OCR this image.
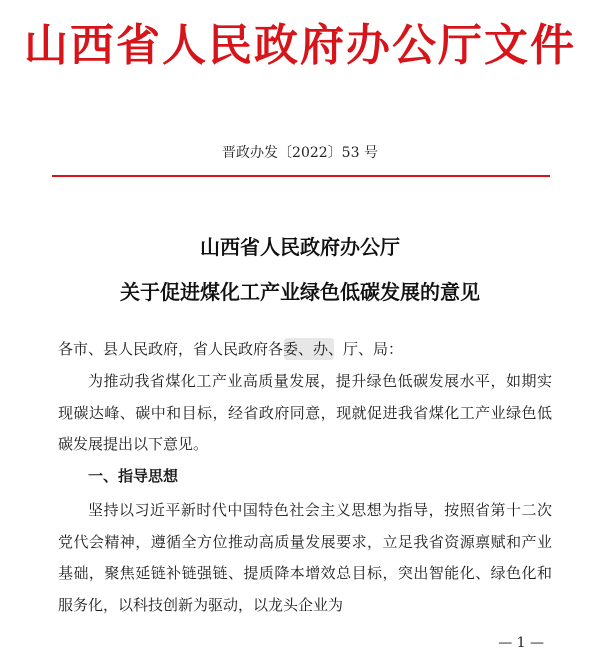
山西省人民政府办公厅文件
晋政办发〔2022〕53 号
山西省人民政府办公厅
关于促进煤化工产业绿色低碳发展的意见

各市、县人民政府，省人民政府各委、办、厅、局：

为推动我省煤化工产业高质量发展，提升绿色低碳发展水平，如期实现碳达峰、碳中和目标，经省政府同意，现就促进我省煤化工产业绿色低碳发展提出以下意见。

一、指导思想

坚持以习近平新时代中国特色社会主义思想为指导，按照省第十二次党代会精神，遵循全方位推动高质量发展要求，立足我省资源禀赋和产业基础，聚焦延链补链强链、提质降本增效总目标，突出智能化、绿色化和服务化，以科技创新为驱动，以龙头企业为

— 1 —
